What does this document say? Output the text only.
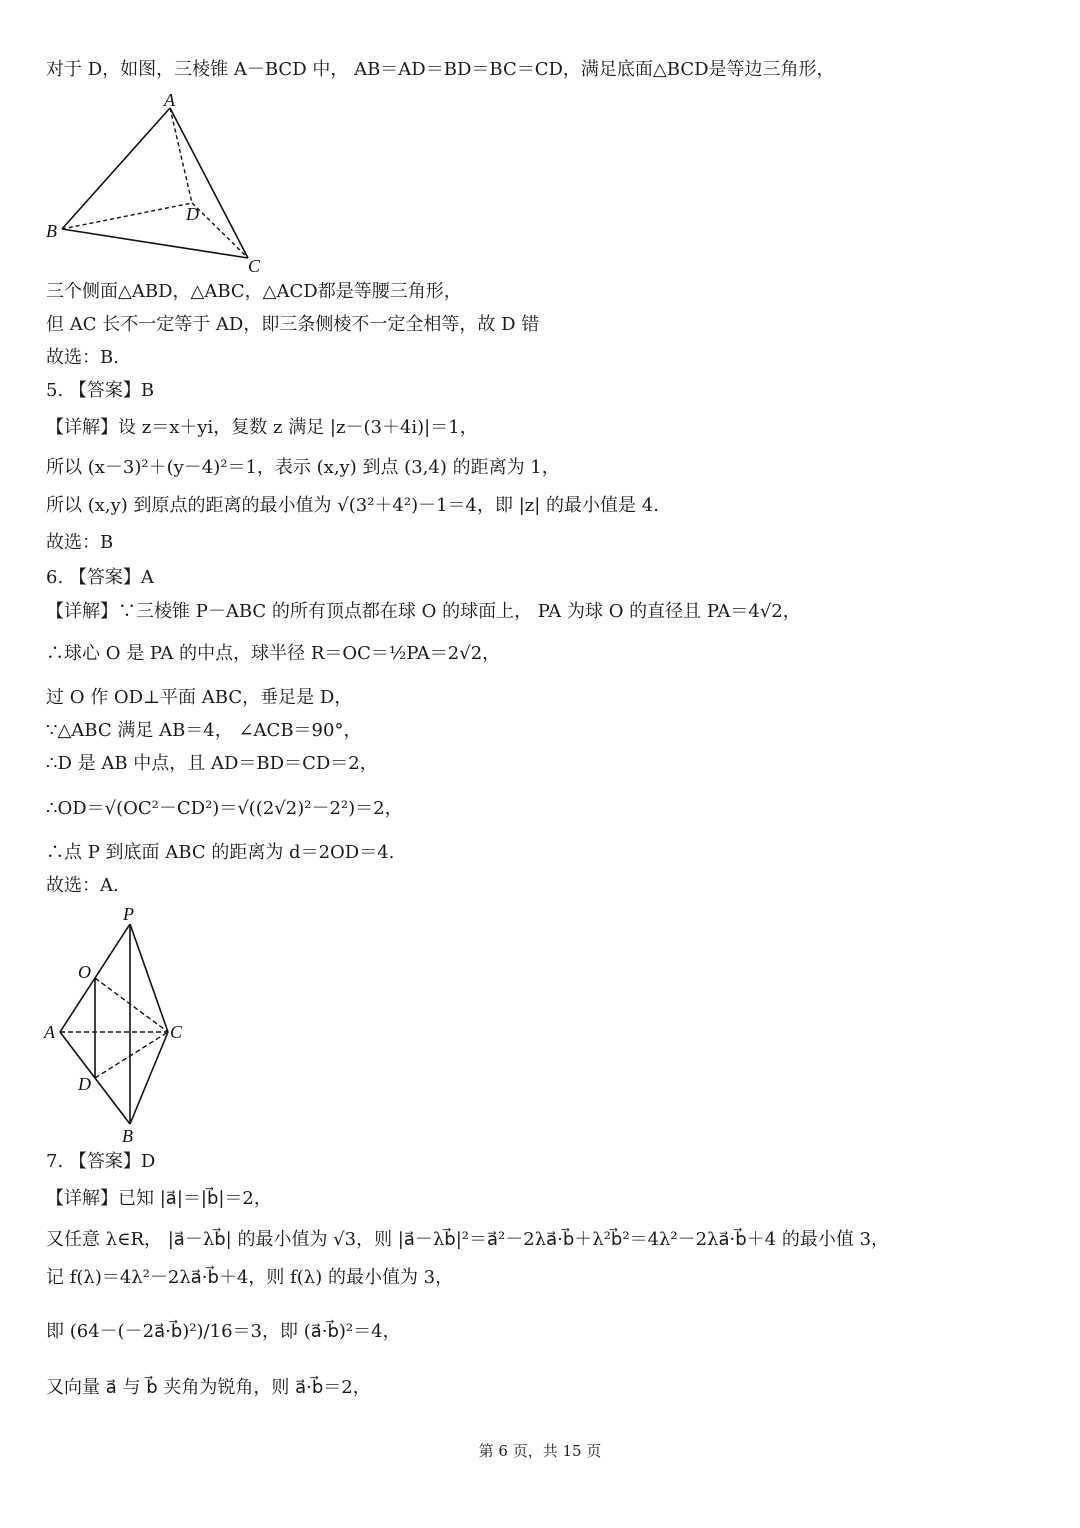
对于 D，如图，三棱锥 A－BCD 中， AB＝AD＝BD＝BC＝CD，满足底面△BCD是等边三角形，
A
B
C
D
三个侧面△ABD，△ABC，△ACD都是等腰三角形，
但 AC 长不一定等于 AD，即三条侧棱不一定全相等，故 D 错
故选：B.
5. 【答案】B
【详解】设 z＝x＋yi，复数 z 满足 |z－(3＋4i)|＝1，
所以 (x－3)²＋(y－4)²＝1，表示 (x,y) 到点 (3,4) 的距离为 1，
所以 (x,y) 到原点的距离的最小值为 √(3²＋4²)－1＝4，即 |z| 的最小值是 4.
故选：B
6. 【答案】A
【详解】∵三棱锥 P－ABC 的所有顶点都在球 O 的球面上， PA 为球 O 的直径且 PA＝4√2，
∴球心 O 是 PA 的中点，球半径 R＝OC＝½PA＝2√2，
过 O 作 OD⊥平面 ABC，垂足是 D，
∵△ABC 满足 AB＝4， ∠ACB＝90°，
∴D 是 AB 中点，且 AD＝BD＝CD＝2，
∴OD＝√(OC²－CD²)＝√((2√2)²－2²)＝2，
∴点 P 到底面 ABC 的距离为 d＝2OD＝4.
故选：A.
P
O
A	C
D
B
7. 【答案】D
【详解】已知 |a⃗|＝|b⃗|＝2，
又任意 λ∈R， |a⃗－λb⃗| 的最小值为 √3，则 |a⃗－λb⃗|²＝a⃗²－2λa⃗·b⃗＋λ²b⃗²＝4λ²－2λa⃗·b⃗＋4 的最小值 3，
记 f(λ)＝4λ²－2λa⃗·b⃗＋4，则 f(λ) 的最小值为 3，
即 (64－(－2a⃗·b⃗)²)/16＝3，即 (a⃗·b⃗)²＝4，
又向量 a⃗ 与 b⃗ 夹角为锐角，则 a⃗·b⃗＝2，
第 6 页，共 15 页
